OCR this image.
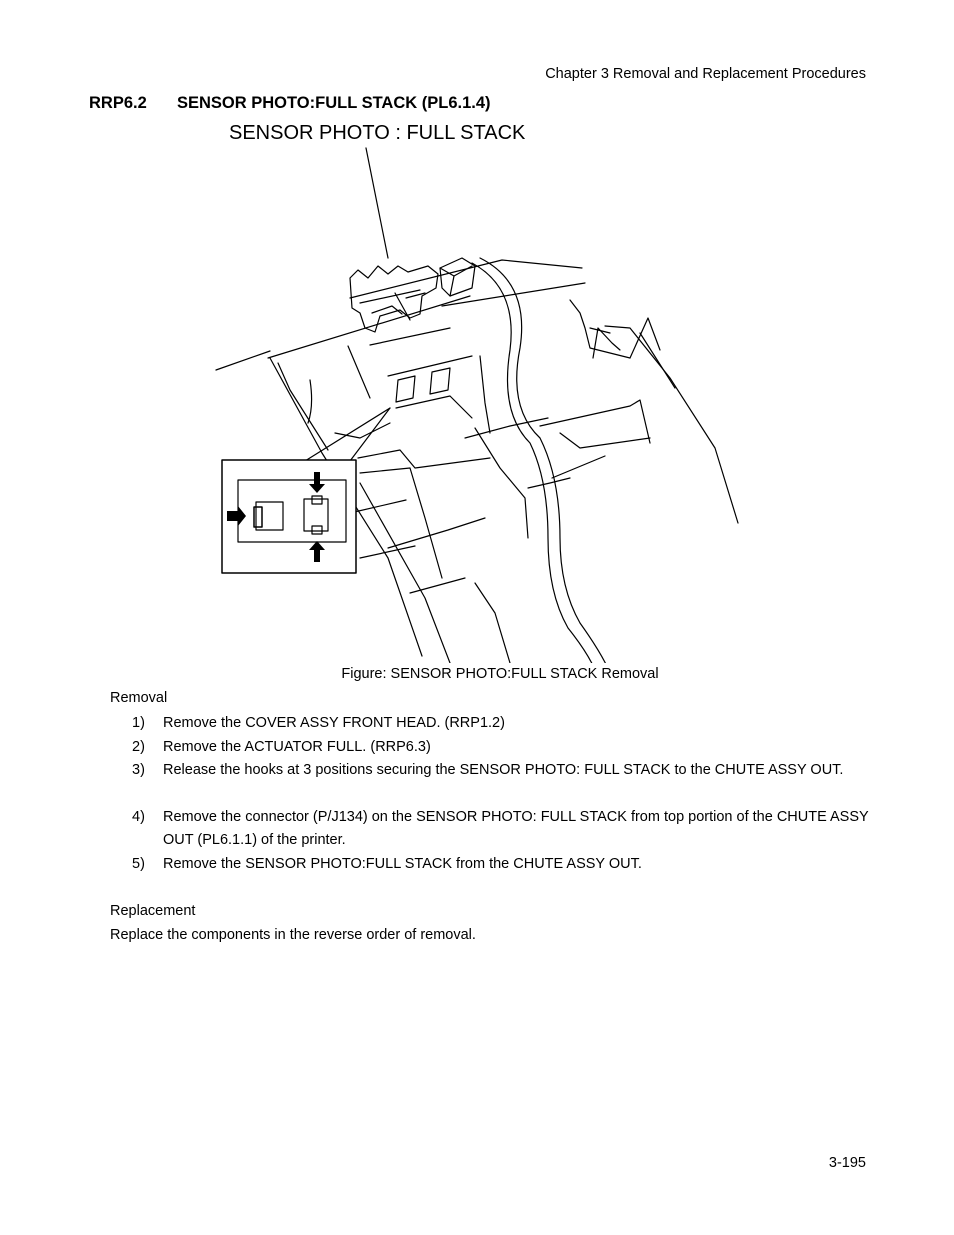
Chapter 3 Removal and Replacement Procedures
RRP6.2 SENSOR PHOTO:FULL STACK (PL6.1.4)
SENSOR PHOTO : FULL STACK
Figure: SENSOR PHOTO:FULL STACK Removal
Removal
1) Remove the COVER ASSY FRONT HEAD. (RRP1.2)
2) Remove the ACTUATOR FULL. (RRP6.3)
3) Release the hooks at 3 positions securing the SENSOR PHOTO: FULL STACK to the CHUTE ASSY OUT.
4) Remove the connector (P/J134) on the SENSOR PHOTO: FULL STACK from top portion of the CHUTE ASSY OUT (PL6.1.1) of the printer.
5) Remove the SENSOR PHOTO:FULL STACK from the CHUTE ASSY OUT.
Replacement
Replace the components in the reverse order of removal.
3-195
